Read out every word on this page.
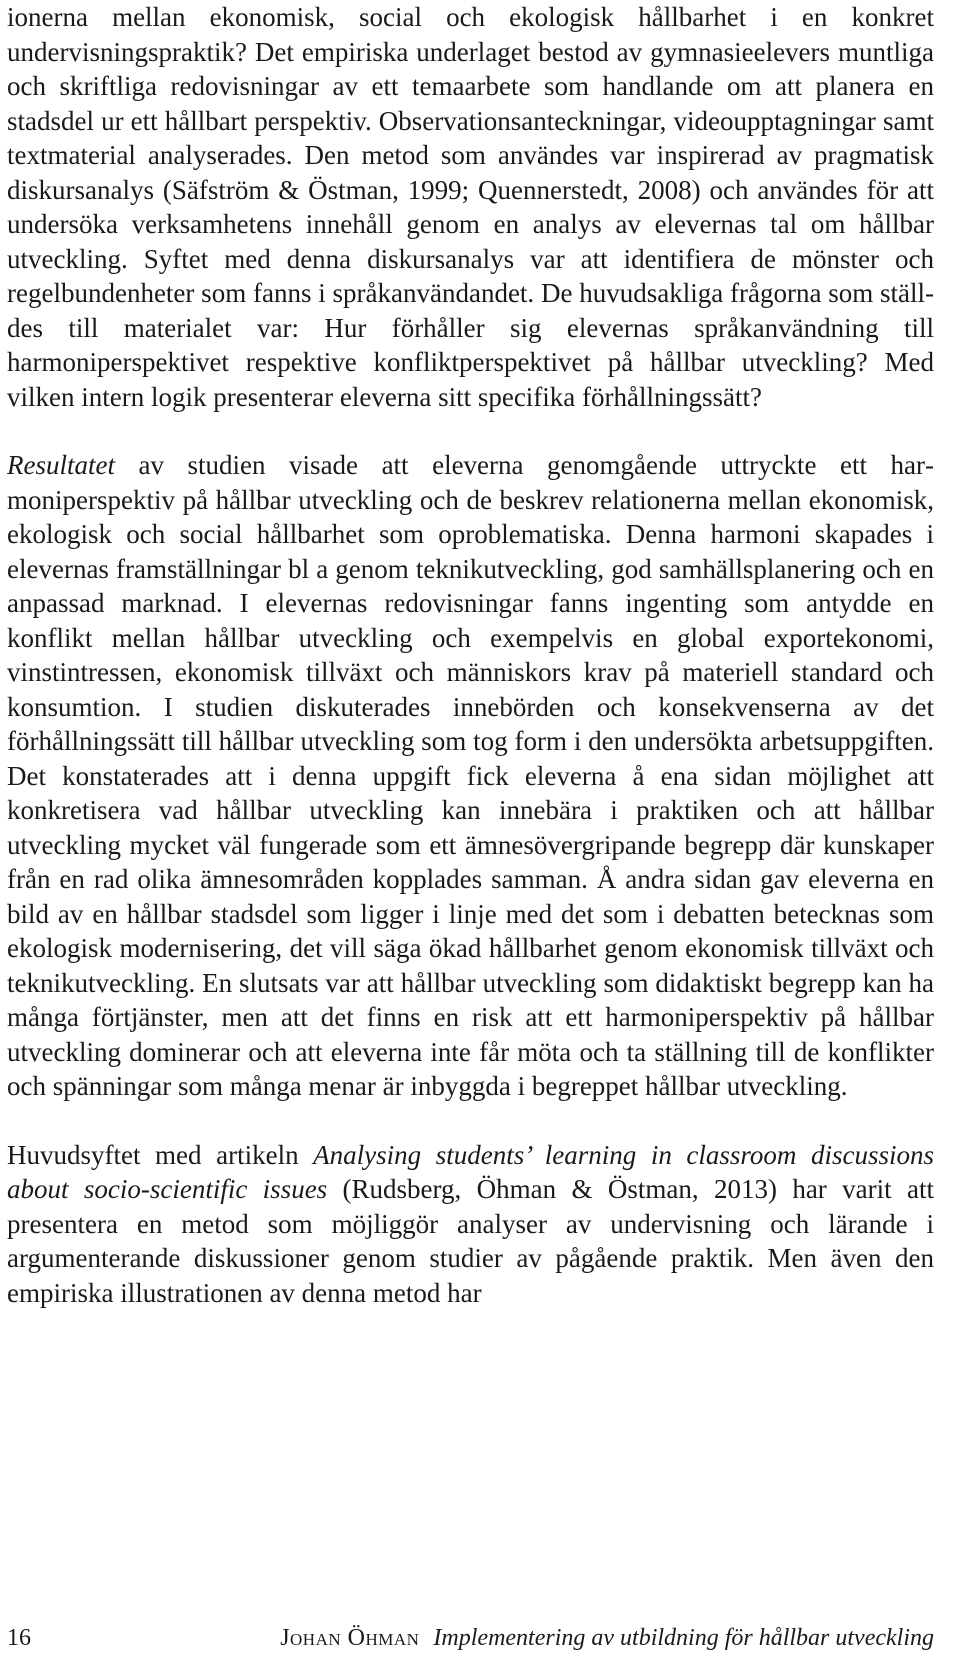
ionerna mellan ekonomisk, social och ekologisk hållbarhet i en konkret undervisningspraktik? Det empiriska underlaget bestod av gymnasieelevers muntliga och skriftliga redovisningar av ett temaarbete som handlande om att planera en stadsdel ur ett hållbart perspektiv. Observationsanteckningar, videoupptagningar samt textmaterial analyserades. Den metod som användes var inspirerad av pragmatisk diskursanalys (Säfström & Östman, 1999; Quennerstedt, 2008) och användes för att undersöka verksamhetens innehåll genom en analys av elevernas tal om hållbar utveckling. Syftet med denna diskursanalys var att identifiera de mönster och regelbundenheter som fanns i språkanvändandet. De huvudsakliga frågorna som ställdes till materialet var: Hur förhåller sig elevernas språkanvändning till harmoniperspektivet respektive konfliktperspektivet på hållbar utveckling? Med vilken intern logik presenterar eleverna sitt specifika förhållningssätt?

Resultatet av studien visade att eleverna genomgående uttryckte ett harmoniperspektiv på hållbar utveckling och de beskrev relationerna mellan ekonomisk, ekologisk och social hållbarhet som oproblematiska. Denna harmoni skapades i elevernas framställningar bl a genom teknikutveckling, god samhällsplanering och en anpassad marknad. I elevernas redovisningar fanns ingenting som antydde en konflikt mellan hållbar utveckling och exempelvis en global exportekonomi, vinstintressen, ekonomisk tillväxt och människors krav på materiell standard och konsumtion. I studien diskuterades innebörden och konsekvenserna av det förhållningssätt till hållbar utveckling som tog form i den undersökta arbetsuppgiften. Det konstaterades att i denna uppgift fick eleverna å ena sidan möjlighet att konkretisera vad hållbar utveckling kan innebära i praktiken och att hållbar utveckling mycket väl fungerade som ett ämnesövergripande begrepp där kunskaper från en rad olika ämnesområden kopplades samman. Å andra sidan gav eleverna en bild av en hållbar stadsdel som ligger i linje med det som i debatten betecknas som ekologisk modernisering, det vill säga ökad hållbarhet genom ekonomisk tillväxt och teknikutveckling. En slutsats var att hållbar utveckling som didaktiskt begrepp kan ha många förtjänster, men att det finns en risk att ett harmoniperspektiv på hållbar utveckling dominerar och att eleverna inte får möta och ta ställning till de konflikter och spänningar som många menar är inbyggda i begreppet hållbar utveckling.

Huvudsyftet med artikeln Analysing students’ learning in classroom discussions about socio-scientific issues (Rudsberg, Öhman & Östman, 2013) har varit att presentera en metod som möjliggör analyser av undervisning och lärande i argumenterande diskussioner genom studier av pågående praktik. Men även den empiriska illustrationen av denna metod har

16	Johan Öhman Implementering av utbildning för hållbar utveckling
